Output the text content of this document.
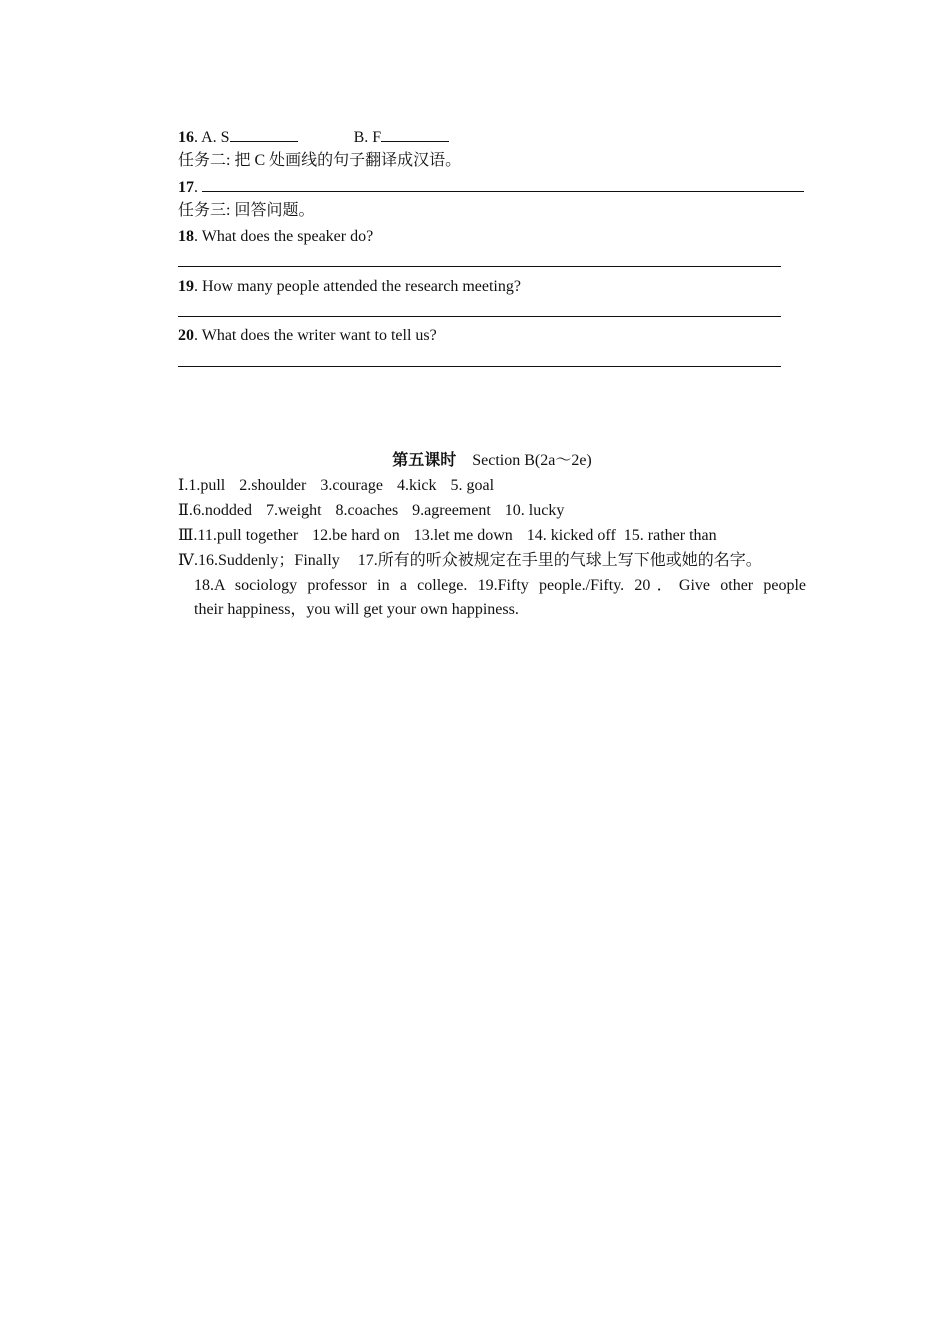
16. A. S	B. F
任务二: 把 C 处画线的句子翻译成汉语。
17.
任务三: 回答问题。
18. What does the speaker do?
19. How many people attended the research meeting?
20. What does the writer want to tell us?
第五课时 Section B(2a～2e)
Ⅰ.1.pull 2.shoulder 3.courage 4.kick 5. goal
Ⅱ.6.nodded 7.weight 8.coaches 9.agreement 10. lucky
Ⅲ.11.pull together 12.be hard on 13.let me down 14. kicked off 15. rather than
Ⅳ.16.Suddenly；Finally 17.所有的听众被规定在手里的气球上写下他或她的名字。
18.A sociology professor in a college. 19.Fifty people./Fifty. 20．Give other people
their happiness，you will get your own happiness.
